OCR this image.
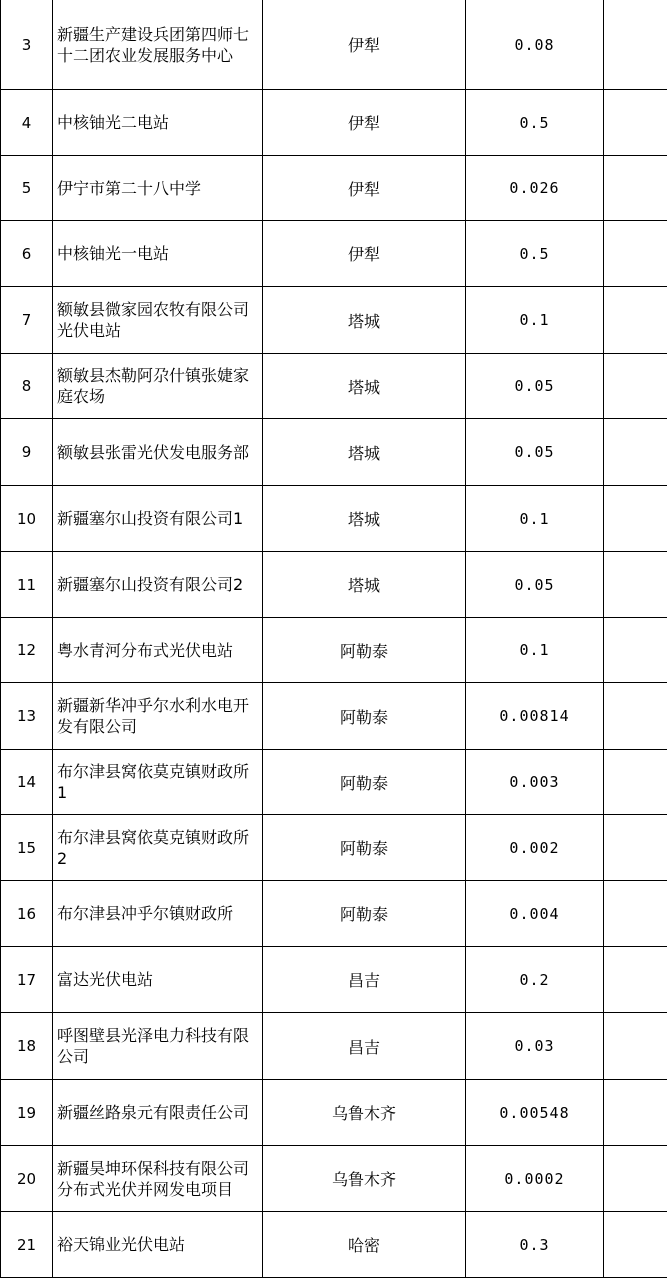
3	新疆生产建设兵团第四师七十二团农业发展服务中心	伊犁	0.08	
4	中核铀光二电站	伊犁	0.5	
5	伊宁市第二十八中学	伊犁	0.026	
6	中核铀光一电站	伊犁	0.5	
7	额敏县微家园农牧有限公司光伏电站	塔城	0.1	
8	额敏县杰勒阿尕什镇张婕家庭农场	塔城	0.05	
9	额敏县张雷光伏发电服务部	塔城	0.05	
10	新疆塞尔山投资有限公司1	塔城	0.1	
11	新疆塞尔山投资有限公司2	塔城	0.05	
12	粤水青河分布式光伏电站	阿勒泰	0.1	
13	新疆新华冲乎尔水利水电开发有限公司	阿勒泰	0.00814	
14	布尔津县窝依莫克镇财政所1	阿勒泰	0.003	
15	布尔津县窝依莫克镇财政所2	阿勒泰	0.002	
16	布尔津县冲乎尔镇财政所	阿勒泰	0.004	
17	富达光伏电站	昌吉	0.2	
18	呼图壁县光泽电力科技有限公司	昌吉	0.03	
19	新疆丝路泉元有限责任公司	乌鲁木齐	0.00548	
20	新疆昊坤环保科技有限公司分布式光伏并网发电项目	乌鲁木齐	0.0002	
21	裕天锦业光伏电站	哈密	0.3	
